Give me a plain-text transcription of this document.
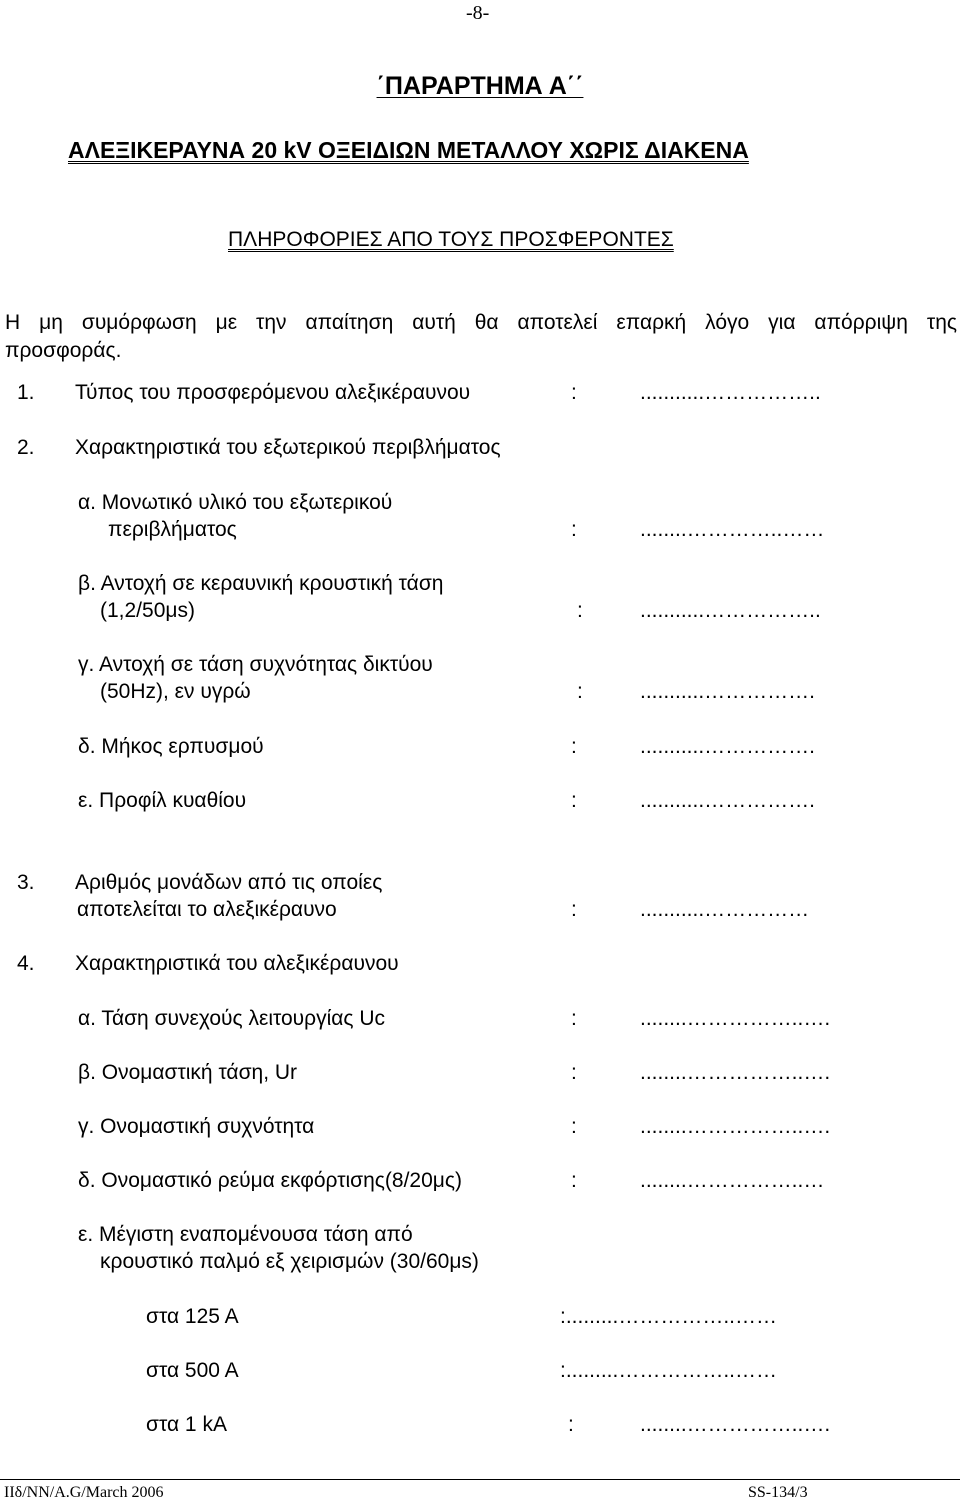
-8-
΄ΠΑΡΑΡΤΗΜΑ Α΄΄
ΑΛΕΞΙΚΕΡΑΥΝΑ 20 kV ΟΞΕΙΔΙΩΝ ΜΕΤΑΛΛΟΥ ΧΩΡΙΣ ΔΙΑΚΕΝΑ
ΠΛΗΡΟΦΟΡΙΕΣ ΑΠΟ ΤΟΥΣ ΠΡΟΣΦΕΡΟΝΤΕΣ
Η μη συμόρφωση με την απαίτηση αυτή θα αποτελεί επαρκή λόγο για απόρριψη της
προσφοράς.
1. Τύπος του προσφερόμενου αλεξικέραυνου	:	...........……………..
2. Χαρακτηριστικά του εξωτερικού περιβλήματος
α. Μονωτικό υλικό του εξωτερικού
περιβλήματος	:	........…………..……
β. Αντοχή σε κεραυνική κρουστική τάση
(1,2/50μs)	:	...........……………..
γ. Αντοχή σε τάση συχνότητας δικτύου
(50Hz), εν υγρώ	:	...........…………….
δ. Μήκος ερπυσμού	:	...........…………….
ε. Προφίλ κυαθίου	:	...........…………….
3. Αριθμός μονάδων από τις οποίες
αποτελείται το αλεξικέραυνο	:	...........……………
4. Χαρακτηριστικά του αλεξικέραυνου
α. Τάση συνεχούς λειτουργίας Uc	:	........……………..….
β. Ονομαστική τάση, Ur	:	........……………..….
γ. Ονομαστική συχνότητα	:	........……………..….
δ. Ονομαστικό ρεύμα εκφόρτισης(8/20μς)	:	........……………..…
ε. Μέγιστη εναπομένουσα τάση από
κρουστικό παλμό εξ χειρισμών (30/60μs)
στα 125 Α	:.........……………..……
στα 500 Α	:.........……………..……
στα 1 kA	:	........……………..….
ΙΙδ/ΝΝ/Α.G/March 2006	SS-134/3
